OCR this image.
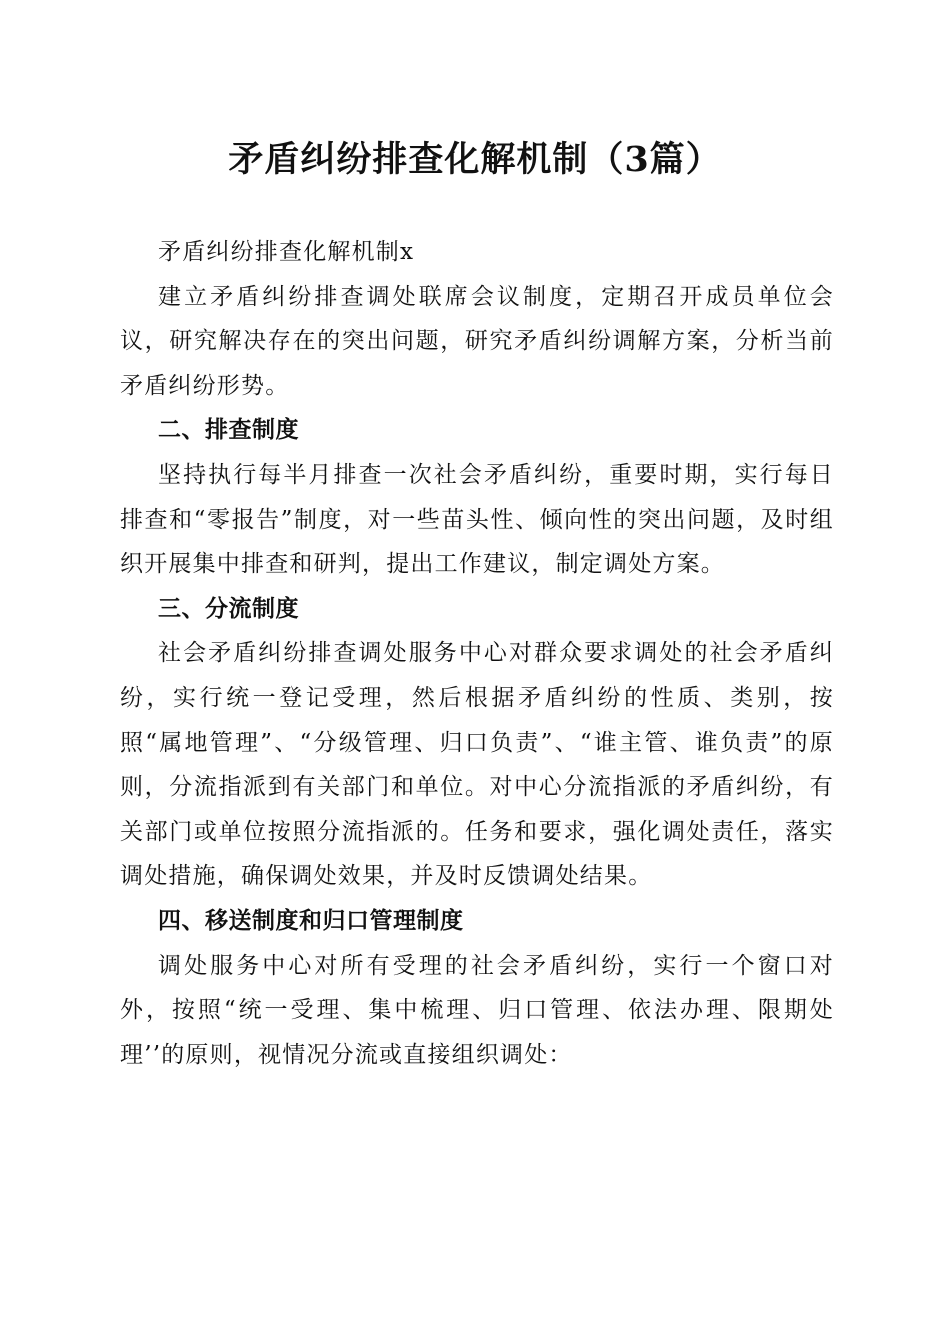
矛盾纠纷排查化解机制（3篇）

矛盾纠纷排查化解机制x

建立矛盾纠纷排查调处联席会议制度，定期召开成员单位会议，研究解决存在的突出问题，研究矛盾纠纷调解方案，分析当前矛盾纠纷形势。

二、排查制度

坚持执行每半月排查一次社会矛盾纠纷，重要时期，实行每日排查和“零报告”制度，对一些苗头性、倾向性的突出问题，及时组织开展集中排查和研判，提出工作建议，制定调处方案。

三、分流制度

社会矛盾纠纷排查调处服务中心对群众要求调处的社会矛盾纠纷，实行统一登记受理，然后根据矛盾纠纷的性质、类别，按照“属地管理”、“分级管理、归口负责”、“谁主管、谁负责”的原则，分流指派到有关部门和单位。对中心分流指派的矛盾纠纷，有关部门或单位按照分流指派的。任务和要求，强化调处责任，落实调处措施，确保调处效果，并及时反馈调处结果。

四、移送制度和归口管理制度

调处服务中心对所有受理的社会矛盾纠纷，实行一个窗口对外，按照“统一受理、集中梳理、归口管理、依法办理、限期处理’’的原则，视情况分流或直接组织调处：
